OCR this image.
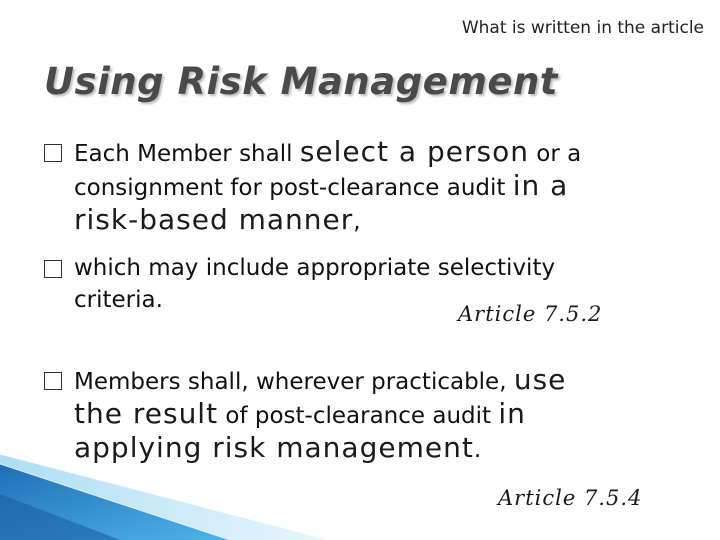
What is written in the article
Using Risk Management
Each Member shall select a person or a
consignment for post-clearance audit in a
risk-based manner,
which may include appropriate selectivity
criteria.
Article 7.5.2
Members shall, wherever practicable, use
the result of post-clearance audit in
applying risk management.
Article 7.5.4
